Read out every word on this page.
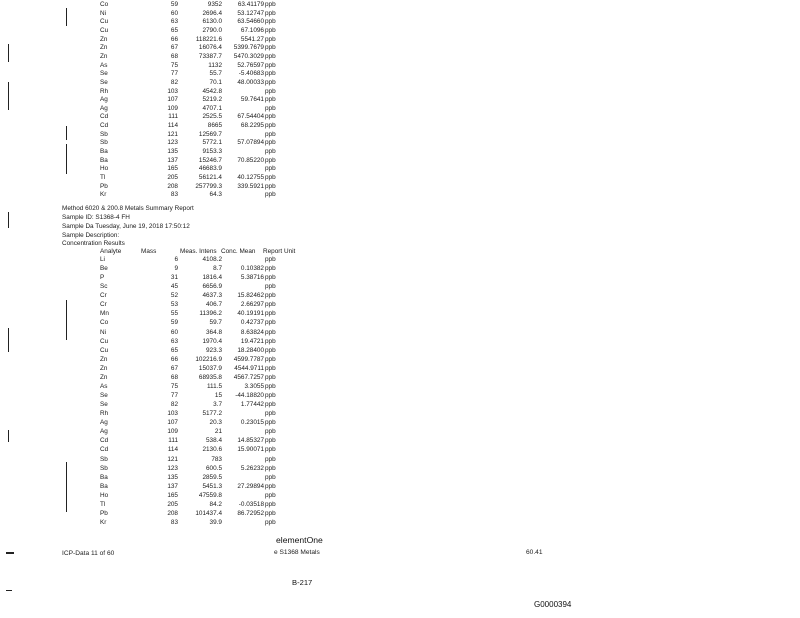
Co	59	9352	63.41179 ppb
Ni	60	2696.4	53.12747 ppb
Cu	63	6130.0	63.54660 ppb
Cu	65	2790.0	67.1096 ppb
Zn	66	118221.6	5541.27 ppb
Zn	67	16076.4	5399.7679 ppb
Zn	68	73387.7	5470.3029 ppb
As	75	1132	52.76597 ppb
Se	77	55.7	-5.40683 ppb
Se	82	70.1	48.00033 ppb
Rh	103	4542.8	ppb
Ag	107	5219.2	59.7641 ppb
Ag	109	4707.1	ppb
Cd	111	2525.5	67.54404 ppb
Cd	114	8665	68.2295 ppb
Sb	121	12569.7	ppb
Sb	123	5772.1	57.07894 ppb
Ba	135	9153.3	ppb
Ba	137	15246.7	70.85220 ppb
Ho	165	46683.9	ppb
Tl	205	56121.4	40.12755 ppb
Pb	208	257799.3	339.5921 ppb
Kr	83	64.3	ppb
Method 6020 & 200.8 Metals Summary Report
Sample ID: S1368-4 FH
Sample Da Tuesday, June 19, 2018 17:50:12
Sample Description:
Concentration Results
Analyte	Mass	Meas. Intens Conc. Mean Report Unit
Li	6	4108.2	ppb
Be	9	8.7	0.10382 ppb
P	31	1816.4	5.38716 ppb
Sc	45	6656.9	ppb
Cr	52	4637.3	15.82462 ppb
Cr	53	406.7	2.66297 ppb
Mn	55	11396.2	40.19191 ppb
Co	59	59.7	0.42737 ppb
Ni	60	364.8	8.63824 ppb
Cu	63	1970.4	19.4721 ppb
Cu	65	923.3	18.28400 ppb
Zn	66	102216.9	4599.7787 ppb
Zn	67	15037.9	4544.9711 ppb
Zn	68	68935.8	4567.7257 ppb
As	75	111.5	3.3055 ppb
Se	77	15	-44.18820 ppb
Se	82	3.7	1.77442 ppb
Rh	103	5177.2	ppb
Ag	107	20.3	0.23015 ppb
Ag	109	21	ppb
Cd	111	538.4	14.85327 ppb
Cd	114	2130.6	15.90071 ppb
Sb	121	783	ppb
Sb	123	600.5	5.26232 ppb
Ba	135	2859.5	ppb
Ba	137	5451.3	27.29894 ppb
Ho	165	47559.8	ppb
Tl	205	84.2	-0.03518 ppb
Pb	208	101437.4	86.72952 ppb
Kr	83	39.9	ppb
elementOne
ICP-Data 11 of 60	e S1368 Metals	60.41
B-217
G0000394
